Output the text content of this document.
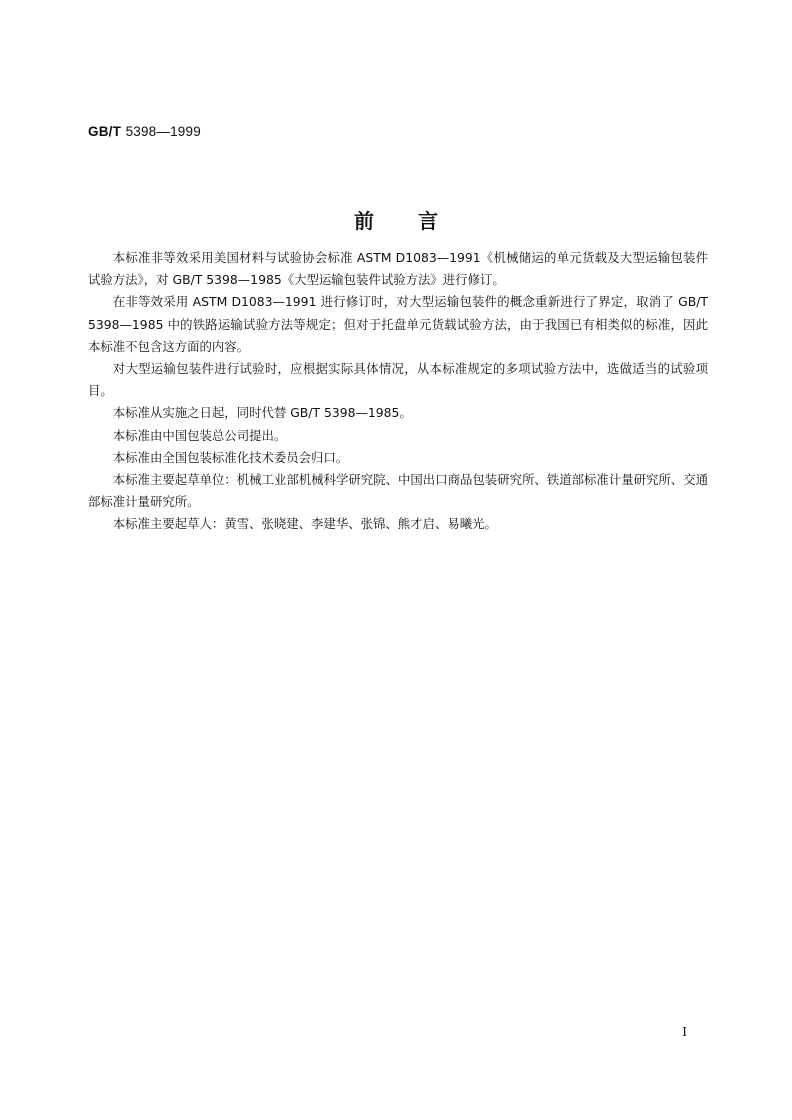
GB/T 5398—1999
前言

本标准非等效采用美国材料与试验协会标准 ASTM D1083—1991《机械储运的单元货载及大型运输包装件试验方法》，对 GB/T 5398—1985《大型运输包装件试验方法》进行修订。

在非等效采用 ASTM D1083—1991 进行修订时，对大型运输包装件的概念重新进行了界定，取消了 GB/T 5398—1985 中的铁路运输试验方法等规定；但对于托盘单元货载试验方法，由于我国已有相类似的标准，因此本标准不包含这方面的内容。

对大型运输包装件进行试验时，应根据实际具体情况，从本标准规定的多项试验方法中，选做适当的试验项目。

本标准从实施之日起，同时代替 GB/T 5398—1985。

本标准由中国包装总公司提出。

本标准由全国包装标准化技术委员会归口。

本标准主要起草单位：机械工业部机械科学研究院、中国出口商品包装研究所、铁道部标准计量研究所、交通部标准计量研究所。

本标准主要起草人：黄雪、张晓建、李建华、张锦、熊才启、易曦光。

I
